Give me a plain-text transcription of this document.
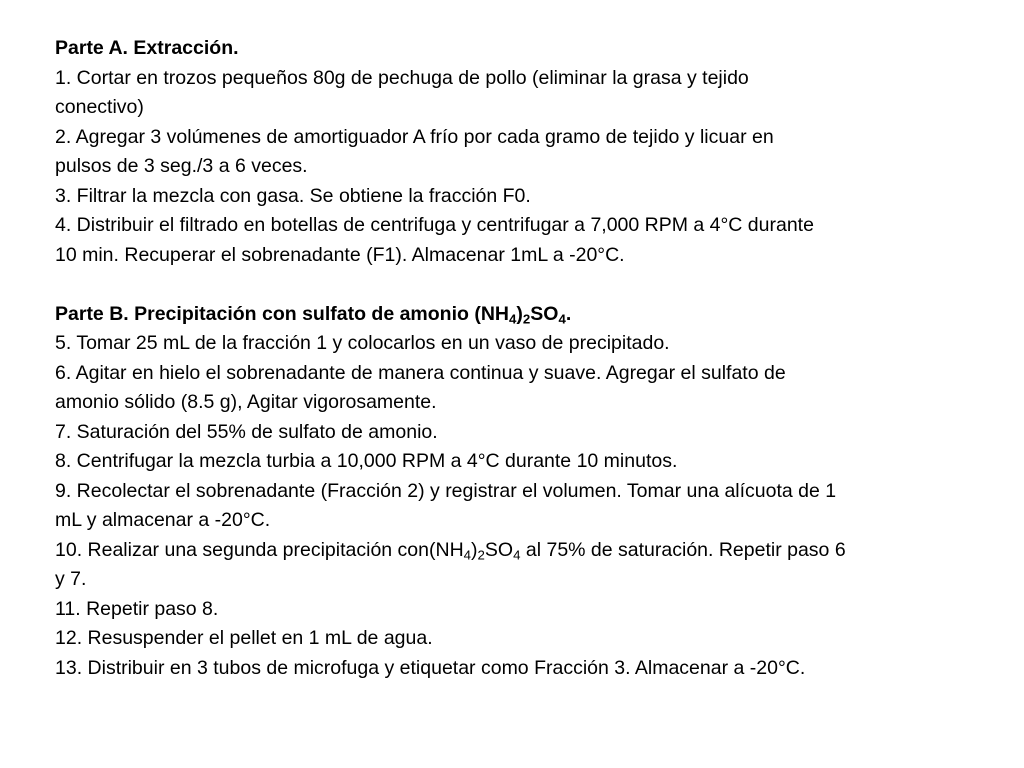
Parte A. Extracción.
1. Cortar en trozos pequeños 80g de pechuga de pollo (eliminar la grasa y tejido
conectivo)
2. Agregar 3 volúmenes de amortiguador A frío por cada gramo de tejido y licuar en
pulsos de 3 seg./3 a 6 veces.
3. Filtrar la mezcla con gasa. Se obtiene la fracción F0.
4. Distribuir el filtrado en botellas de centrifuga y centrifugar a 7,000 RPM a 4°C durante
10 min. Recuperar el sobrenadante (F1). Almacenar 1mL a -20°C.
Parte B. Precipitación con sulfato de amonio $(NH_4)_2SO_4$.
5. Tomar 25 mL de la fracción 1 y colocarlos en un vaso de precipitado.
6. Agitar en hielo el sobrenadante de manera continua y suave. Agregar el sulfato de
amonio sólido (8.5 g), Agitar vigorosamente.
7. Saturación del 55% de sulfato de amonio.
8. Centrifugar la mezcla turbia a 10,000 RPM a 4°C durante 10 minutos.
9. Recolectar el sobrenadante (Fracción 2) y registrar el volumen. Tomar una alícuota de 1
mL y almacenar a -20°C.
10. Realizar una segunda precipitación $con(NH_4)_2SO_4$ al 75% de saturación. Repetir paso 6
y 7.
11. Repetir paso 8.
12. Resuspender el pellet en 1 mL de agua.
13. Distribuir en 3 tubos de microfuga y etiquetar como Fracción 3. Almacenar a -20°C.
